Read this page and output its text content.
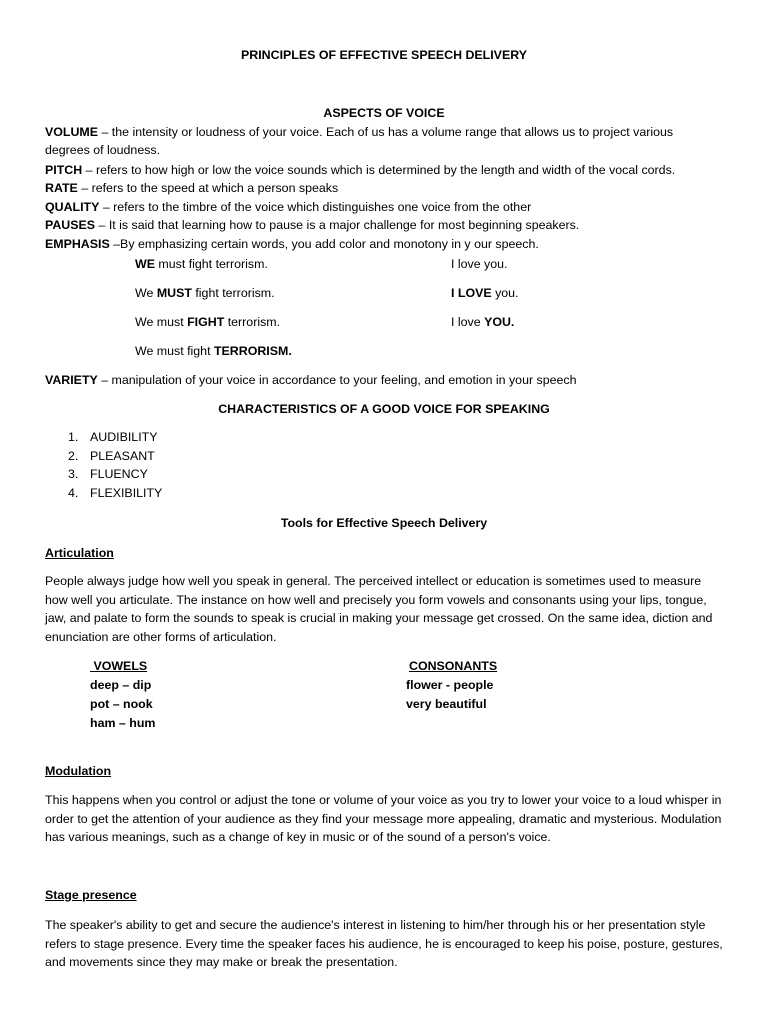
PRINCIPLES OF EFFECTIVE SPEECH DELIVERY

ASPECTS OF VOICE

VOLUME – the intensity or loudness of your voice. Each of us has a volume range that allows us to project various

degrees of loudness.

PITCH – refers to how high or low the voice sounds which is determined by the length and width of the vocal cords.

RATE – refers to the speed at which a person speaks

QUALITY – refers to the timbre of the voice which distinguishes one voice from the other

PAUSES – It is said that learning how to pause is a major challenge for most beginning speakers.

EMPHASIS –By emphasizing certain words, you add color and monotony in y our speech.

WE must fight terrorism.

We MUST fight terrorism.

We must FIGHT terrorism.

We must fight TERRORISM.

I love you.

I LOVE you.

I love YOU.

VARIETY – manipulation of your voice in accordance to your feeling, and emotion in your speech

CHARACTERISTICS OF A GOOD VOICE FOR SPEAKING

1. AUDIBILITY

2. PLEASANT

3. FLUENCY

4. FLEXIBILITY

Tools for Effective Speech Delivery

Articulation

People always judge how well you speak in general. The perceived intellect or education is sometimes used to measure how well you articulate. The instance on how well and precisely you form vowels and consonants using your lips, tongue, jaw, and palate to form the sounds to speak is crucial in making your message get crossed. On the same idea, diction and enunciation are other forms of articulation.

VOWELS

deep – dip

pot – nook

ham – hum

CONSONANTS

flower - people

very beautiful

Modulation

This happens when you control or adjust the tone or volume of your voice as you try to lower your voice to a loud whisper in order to get the attention of your audience as they find your message more appealing, dramatic and mysterious. Modulation has various meanings, such as a change of key in music or of the sound of a person's voice.

Stage presence

The speaker's ability to get and secure the audience's interest in listening to him/her through his or her presentation style refers to stage presence. Every time the speaker faces his audience, he is encouraged to keep his poise, posture, gestures, and movements since they may make or break the presentation.
